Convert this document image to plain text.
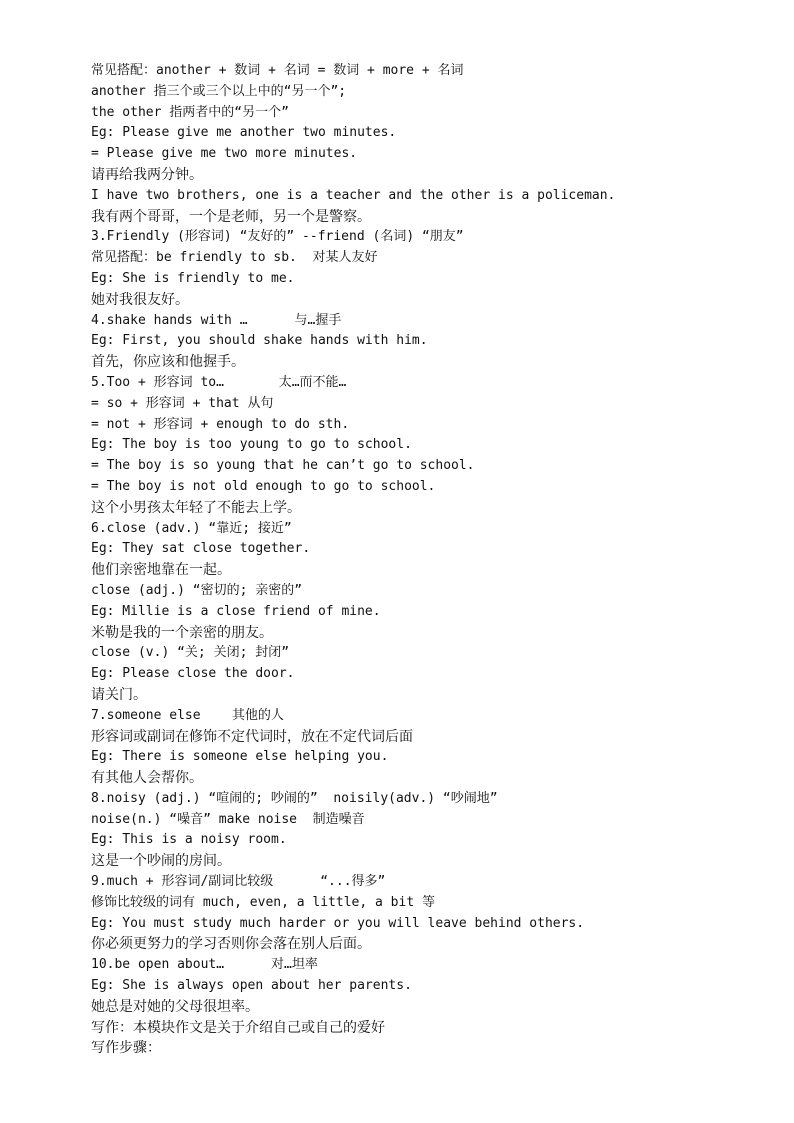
常见搭配：another + 数词 + 名词 = 数词 + more + 名词
another 指三个或三个以上中的“另一个”;
the other 指两者中的“另一个”
Eg: Please give me another two minutes.
= Please give me two more minutes.
请再给我两分钟。
I have two brothers, one is a teacher and the other is a policeman.
我有两个哥哥，一个是老师，另一个是警察。
3.Friendly (形容词) “友好的” --friend (名词) “朋友”
常见搭配：be friendly to sb.  对某人友好
Eg: She is friendly to me.
她对我很友好。
4.shake hands with …      与…握手
Eg: First, you should shake hands with him.
首先，你应该和他握手。
5.Too + 形容词 to…       太…而不能…
= so + 形容词 + that 从句
= not + 形容词 + enough to do sth.
Eg: The boy is too young to go to school.
= The boy is so young that he can’t go to school.
= The boy is not old enough to go to school.
这个小男孩太年轻了不能去上学。
6.close (adv.) “靠近; 接近”
Eg: They sat close together.
他们亲密地靠在一起。
close (adj.) “密切的; 亲密的”
Eg: Millie is a close friend of mine.
米勒是我的一个亲密的朋友。
close (v.) “关; 关闭; 封闭”
Eg: Please close the door.
请关门。
7.someone else    其他的人
形容词或副词在修饰不定代词时，放在不定代词后面
Eg: There is someone else helping you.
有其他人会帮你。
8.noisy (adj.) “喧闹的; 吵闹的”  noisily(adv.) “吵闹地”
noise(n.) “噪音” make noise  制造噪音
Eg: This is a noisy room.
这是一个吵闹的房间。
9.much + 形容词/副词比较级      “...得多”
修饰比较级的词有 much, even, a little, a bit 等
Eg: You must study much harder or you will leave behind others.
你必须更努力的学习否则你会落在别人后面。
10.be open about…      对…坦率
Eg: She is always open about her parents.
她总是对她的父母很坦率。
写作：本模块作文是关于介绍自己或自己的爱好
写作步骤：
